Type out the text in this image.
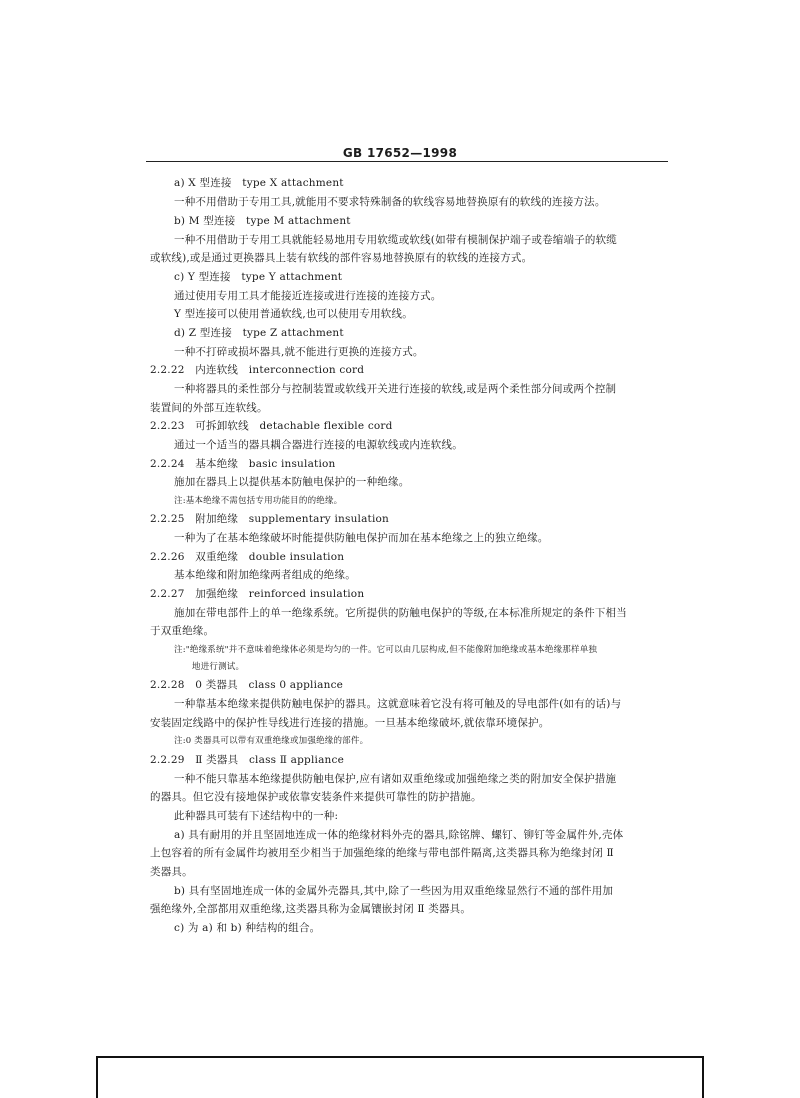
GB 17652—1998
a) X 型连接　type X attachment
一种不用借助于专用工具,就能用不要求特殊制备的软线容易地替换原有的软线的连接方法。
b) M 型连接　type M attachment
一种不用借助于专用工具就能轻易地用专用软缆或软线(如带有模制保护端子或卷缩端子的软缆
或软线),或是通过更换器具上装有软线的部件容易地替换原有的软线的连接方式。
c) Y 型连接　type Y attachment
通过使用专用工具才能接近连接或进行连接的连接方式。
Y 型连接可以使用普通软线,也可以使用专用软线。
d) Z 型连接　type Z attachment
一种不打碎或损坏器具,就不能进行更换的连接方式。
2.2.22　内连软线　interconnection cord
一种将器具的柔性部分与控制装置或软线开关进行连接的软线,或是两个柔性部分间或两个控制
装置间的外部互连软线。
2.2.23　可拆卸软线　detachable flexible cord
通过一个适当的器具耦合器进行连接的电源软线或内连软线。
2.2.24　基本绝缘　basic insulation
施加在器具上以提供基本防触电保护的一种绝缘。
注:基本绝缘不需包括专用功能目的的绝缘。
2.2.25　附加绝缘　supplementary insulation
一种为了在基本绝缘破坏时能提供防触电保护而加在基本绝缘之上的独立绝缘。
2.2.26　双重绝缘　double insulation
基本绝缘和附加绝缘两者组成的绝缘。
2.2.27　加强绝缘　reinforced insulation
施加在带电部件上的单一绝缘系统。它所提供的防触电保护的等级,在本标准所规定的条件下相当
于双重绝缘。
注:"绝缘系统"并不意味着绝缘体必须是均匀的一件。它可以由几层构成,但不能像附加绝缘或基本绝缘那样单独
地进行测试。
2.2.28　0 类器具　class 0 appliance
一种靠基本绝缘来提供防触电保护的器具。这就意味着它没有将可触及的导电部件(如有的话)与
安装固定线路中的保护性导线进行连接的措施。一旦基本绝缘破坏,就依靠环境保护。
注:0 类器具可以带有双重绝缘或加强绝缘的部件。
2.2.29　Ⅱ 类器具　class Ⅱ appliance
一种不能只靠基本绝缘提供防触电保护,应有诸如双重绝缘或加强绝缘之类的附加安全保护措施
的器具。但它没有接地保护或依靠安装条件来提供可靠性的防护措施。
此种器具可装有下述结构中的一种:
a) 具有耐用的并且坚固地连成一体的绝缘材料外壳的器具,除铭牌、螺钉、铆钉等金属件外,壳体
上包容着的所有金属件均被用至少相当于加强绝缘的绝缘与带电部件隔离,这类器具称为绝缘封闭 Ⅱ
类器具。
b) 具有坚固地连成一体的金属外壳器具,其中,除了一些因为用双重绝缘显然行不通的部件用加
强绝缘外,全部都用双重绝缘,这类器具称为金属镶嵌封闭 Ⅱ 类器具。
c) 为 a) 和 b) 种结构的组合。
